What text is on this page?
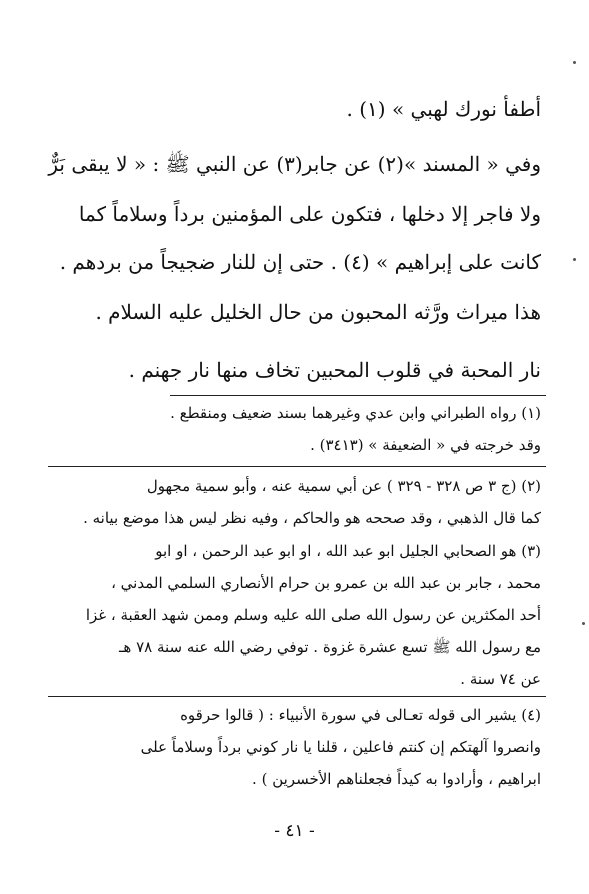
أطفأ نورك لهبي » (١) .
وفي « المسند »(٢) عن جابر(٣) عن النبي ﷺ : « لا يبقى بَرٌّ
ولا فاجر إلا دخلها ، فتكون على المؤمنين برداً وسلاماً كما
كانت على إبراهيم » (٤) . حتى إن للنار ضجيجاً من بردهم .
هذا ميراث ورَّثه المحبون من حال الخليل عليه السلام .
نار المحبة في قلوب المحبين تخاف منها نار جهنم .
(١) رواه الطبراني وابن عدي وغيرهما بسند ضعيف ومنقطع .
وقد خرجته في « الضعيفة » (٣٤١٣) .
(٢) (ج ٣ ص ٣٢٨ - ٣٢٩ ) عن أبي سمية عنه ، وأبو سمية مجهول
كما قال الذهبي ، وقد صححه هو والحاكم ، وفيه نظر ليس هذا موضع بيانه .
(٣) هو الصحابي الجليل ابو عبد الله ، او ابو عبد الرحمن ، او ابو
محمد ، جابر بن عبد الله بن عمرو بن حرام الأنصاري السلمي المدني ،
أحد المكثرين عن رسول الله صلى الله عليه وسلم وممن شهد العقبة ، غزا
مع رسول الله ﷺ تسع عشرة غزوة . توفي رضي الله عنه سنة ٧٨ هـ
عن ٧٤ سنة .
(٤) يشير الى قوله تعـالى في سورة الأنبياء : ( قالوا حرقوه
وانصروا آلهتكم إن كنتم فاعلين ، قلنا يا نار كوني برداً وسلاماً على
ابراهيم ، وأرادوا به كيداً فجعلناهم الأخسرين ) .
- ٤١ -
